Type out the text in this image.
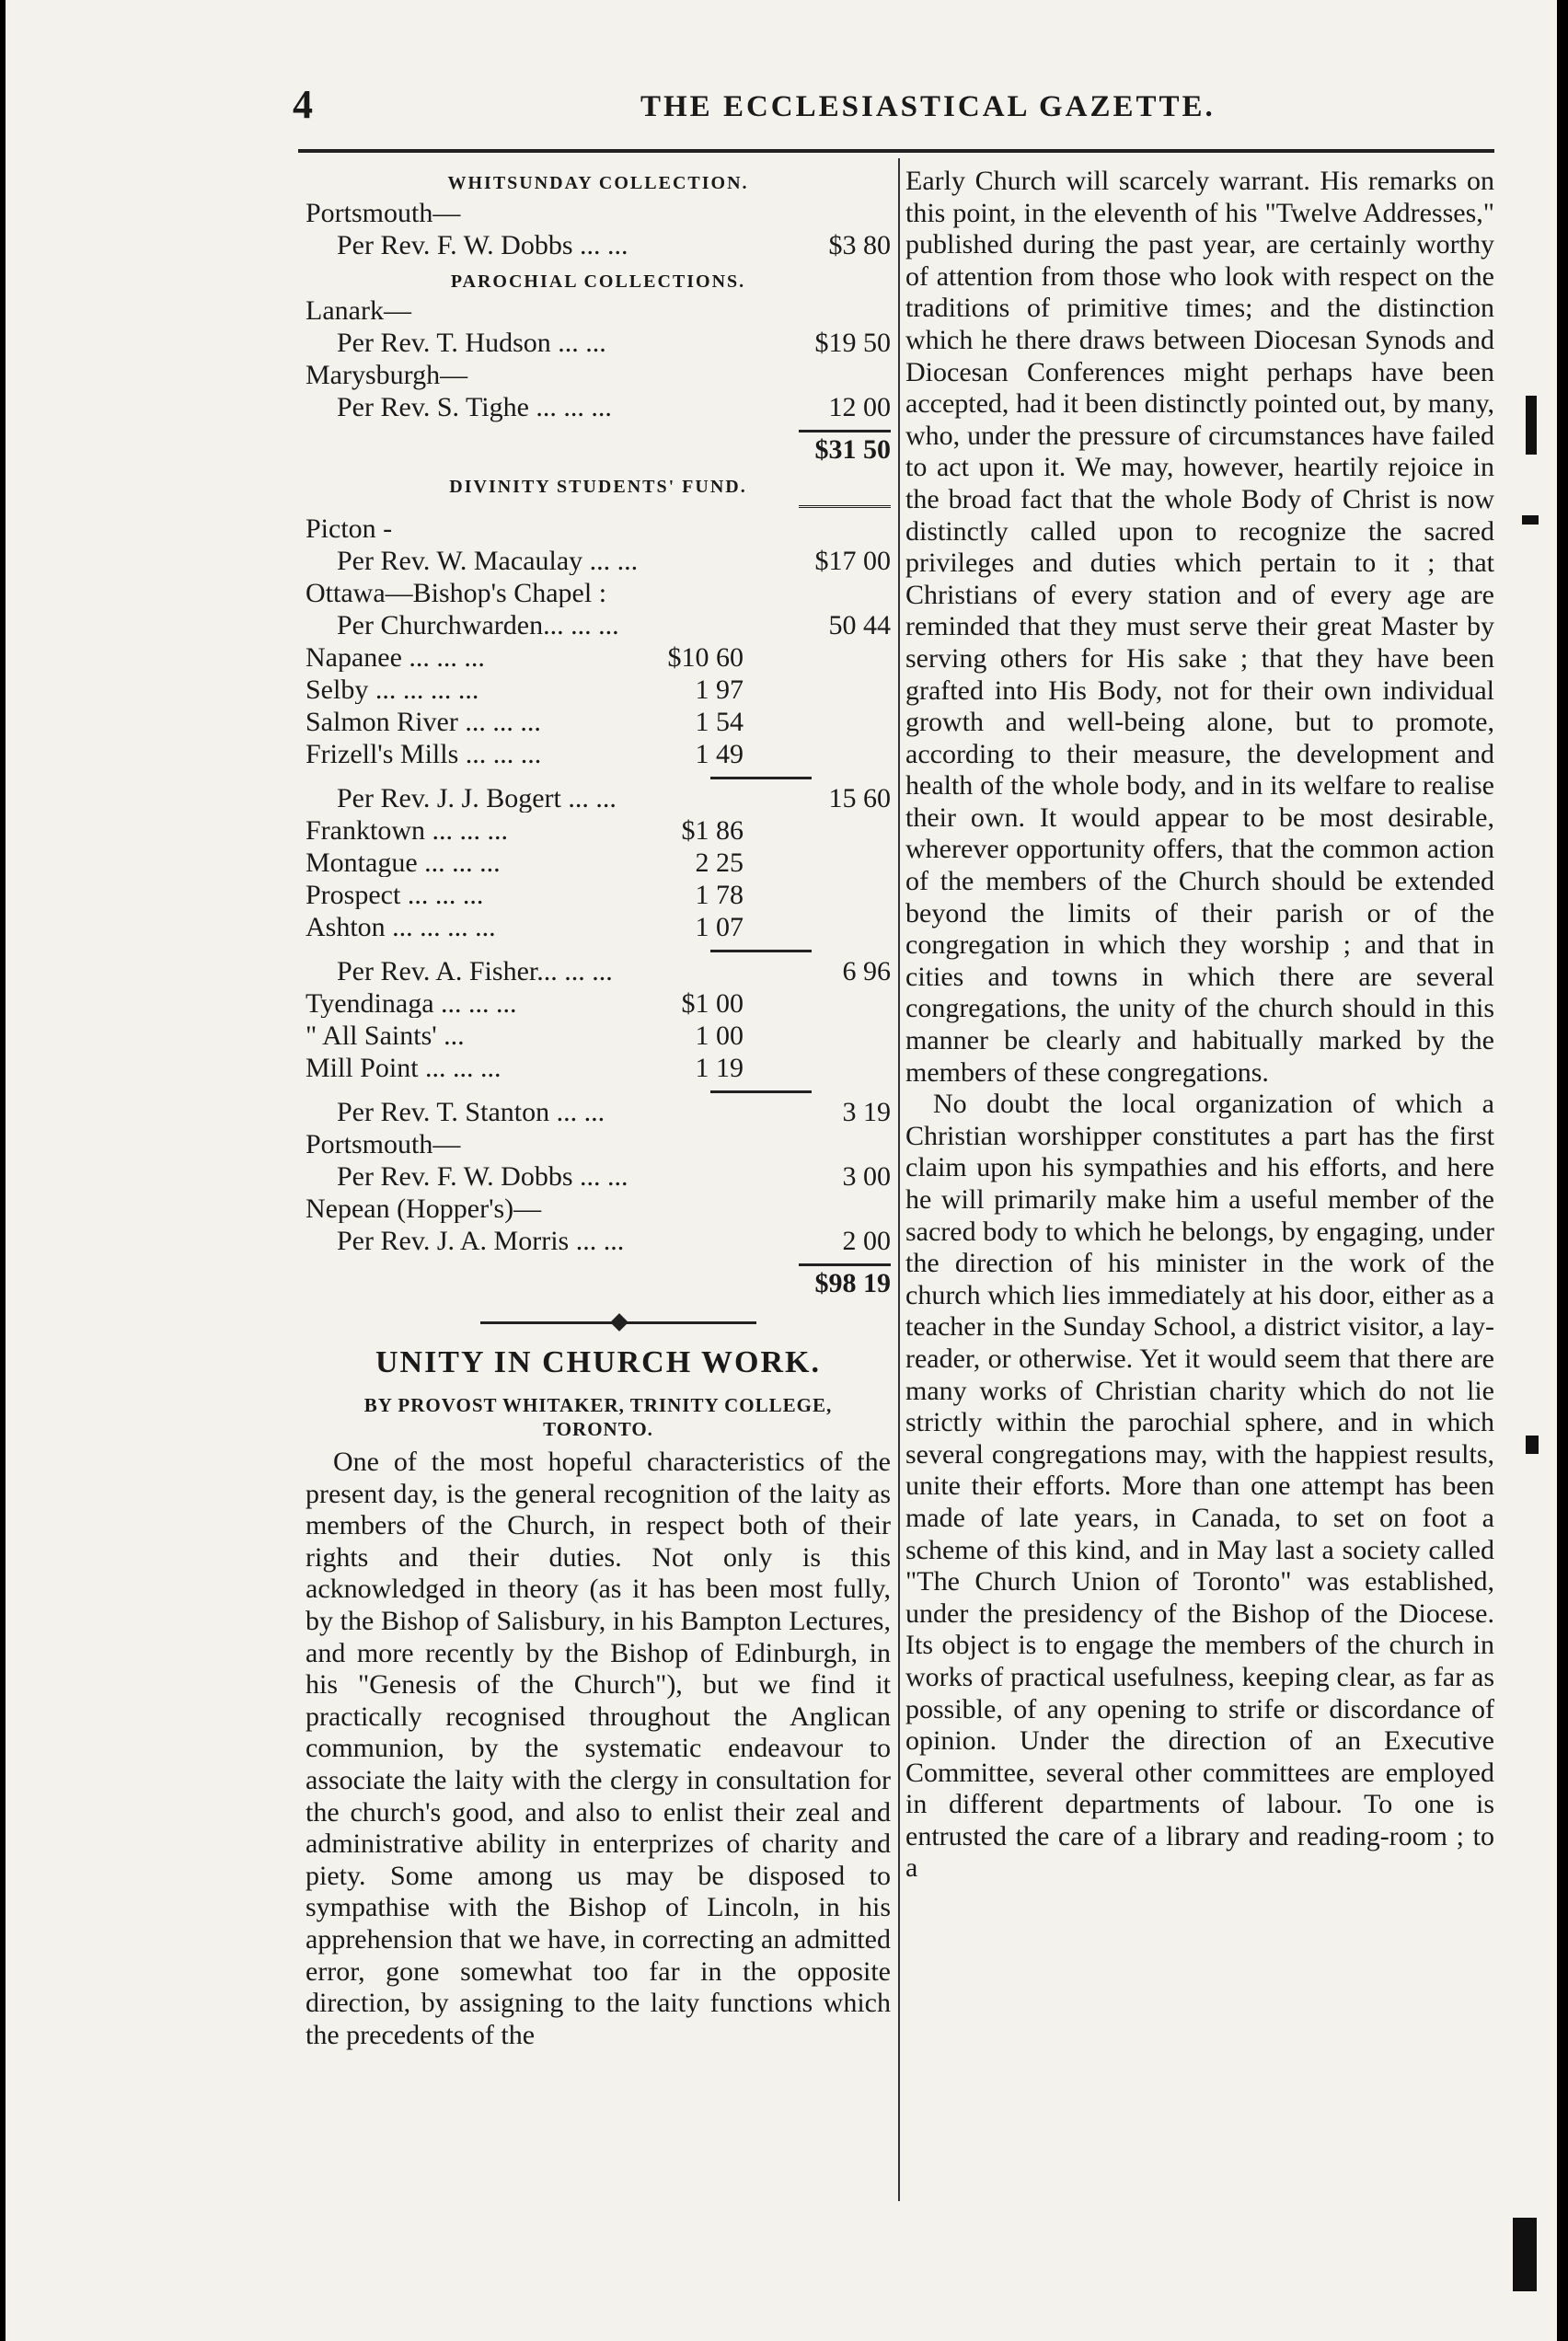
4	THE ECCLESIASTICAL GAZETTE.
WHITSUNDAY COLLECTION.
Portsmouth—
Per Rev. F. W. Dobbs ... ...	$3 80
PAROCHIAL COLLECTIONS.
Lanark—
Per Rev. T. Hudson ... ...	$19 50
Marysburgh—
Per Rev. S. Tighe ... ... ...	12 00
$31 50
DIVINITY STUDENTS' FUND.
Picton -
Per Rev. W. Macaulay ... ...	$17 00
Ottawa—Bishop's Chapel :
Per Churchwarden... ... ...	50 44
Napanee ... ... ...	$10 60
Selby ... ... ... ...	1 97
Salmon River ... ... ...	1 54
Frizell's Mills ... ... ...	1 49
Per Rev. J. J. Bogert ... ...	15 60
Franktown ... ... ...	$1 86
Montague ... ... ...	2 25
Prospect ... ... ...	1 78
Ashton ... ... ... ...	1 07
Per Rev. A. Fisher... ... ...	6 96
Tyendinaga ... ... ...	$1 00
" All Saints' ...	1 00
Mill Point ... ... ...	1 19
Per Rev. T. Stanton ... ...	3 19
Portsmouth—
Per Rev. F. W. Dobbs ... ...	3 00
Nepean (Hopper's)—
Per Rev. J. A. Morris ... ...	2 00
$98 19
UNITY IN CHURCH WORK.
BY PROVOST WHITAKER, TRINITY COLLEGE,
TORONTO.

One of the most hopeful characteristics of the present day, is the general recognition of the laity as members of the Church, in respect both of their rights and their duties. Not only is this acknowledged in theory (as it has been most fully, by the Bishop of Salisbury, in his Bampton Lectures, and more recently by the Bishop of Edinburgh, in his "Genesis of the Church"), but we find it practically recognised throughout the Anglican communion, by the systematic endeavour to associate the laity with the clergy in consultation for the church's good, and also to enlist their zeal and administrative ability in enterprizes of charity and piety. Some among us may be disposed to sympathise with the Bishop of Lincoln, in his apprehension that we have, in correcting an admitted error, gone somewhat too far in the opposite direction, by assigning to the laity functions which the precedents of the

Early Church will scarcely warrant. His remarks on this point, in the eleventh of his "Twelve Addresses," published during the past year, are certainly worthy of attention from those who look with respect on the traditions of primitive times; and the distinction which he there draws between Diocesan Synods and Diocesan Conferences might perhaps have been accepted, had it been distinctly pointed out, by many, who, under the pressure of circumstances have failed to act upon it. We may, however, heartily rejoice in the broad fact that the whole Body of Christ is now distinctly called upon to recognize the sacred privileges and duties which pertain to it ; that Christians of every station and of every age are reminded that they must serve their great Master by serving others for His sake ; that they have been grafted into His Body, not for their own individual growth and well-being alone, but to promote, according to their measure, the development and health of the whole body, and in its welfare to realise their own. It would appear to be most desirable, wherever opportunity offers, that the common action of the members of the Church should be extended beyond the limits of their parish or of the congregation in which they worship ; and that in cities and towns in which there are several congregations, the unity of the church should in this manner be clearly and habitually marked by the members of these congregations.

No doubt the local organization of which a Christian worshipper constitutes a part has the first claim upon his sympathies and his efforts, and here he will primarily make him a useful member of the sacred body to which he belongs, by engaging, under the direction of his minister in the work of the church which lies immediately at his door, either as a teacher in the Sunday School, a district visitor, a lay-reader, or otherwise. Yet it would seem that there are many works of Christian charity which do not lie strictly within the parochial sphere, and in which several congregations may, with the happiest results, unite their efforts. More than one attempt has been made of late years, in Canada, to set on foot a scheme of this kind, and in May last a society called "The Church Union of Toronto" was established, under the presidency of the Bishop of the Diocese. Its object is to engage the members of the church in works of practical usefulness, keeping clear, as far as possible, of any opening to strife or discordance of opinion. Under the direction of an Executive Committee, several other committees are employed in different departments of labour. To one is entrusted the care of a library and reading-room ; to a
